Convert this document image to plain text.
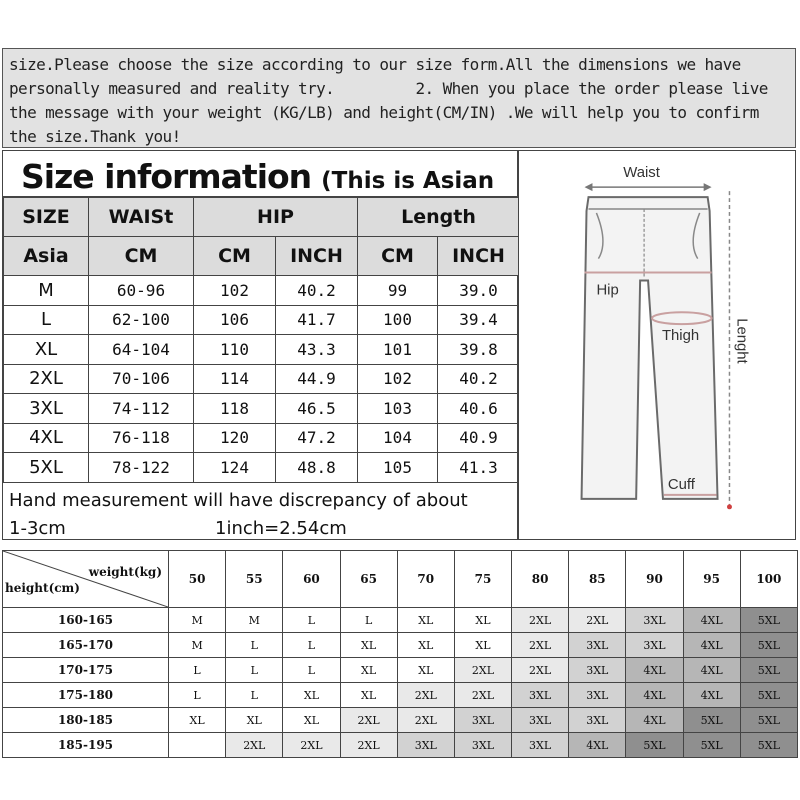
size.Please choose the size according to our size form.All the dimensions we have personally measured and reality try.         2. When you place the order please live the message with your weight (KG/LB) and height(CM/IN) .We will help you to confirm the size.Thank you!

Size information (This is Asian
SIZE	WAISt	HIP		Length	
Asia	CM	CM	INCH	CM	INCH
M	60-96	102	40.2	99	39.0
L	62-100	106	41.7	100	39.4
XL	64-104	110	43.3	101	39.8
2XL	70-106	114	44.9	102	40.2
3XL	74-112	118	46.5	103	40.6
4XL	76-118	120	47.2	104	40.9
5XL	78-122	124	48.8	105	41.3
Hand measurement will have discrepancy of about
1-3cm	1inch=2.54cm
Waist
Hip
Thigh
Cuff
Lenght
weight(kg)
height(cm)	50	55	60	65	70	75	80	85	90	95	100
160-165	M	M	L	L	XL	XL	2XL	2XL	3XL	4XL	5XL
165-170	M	L	L	XL	XL	XL	2XL	3XL	3XL	4XL	5XL
170-175	L	L	L	XL	XL	2XL	2XL	3XL	4XL	4XL	5XL
175-180	L	L	XL	XL	2XL	2XL	3XL	3XL	4XL	4XL	5XL
180-185	XL	XL	XL	2XL	2XL	3XL	3XL	3XL	4XL	5XL	5XL
185-195		2XL	2XL	2XL	3XL	3XL	3XL	4XL	5XL	5XL	5XL
